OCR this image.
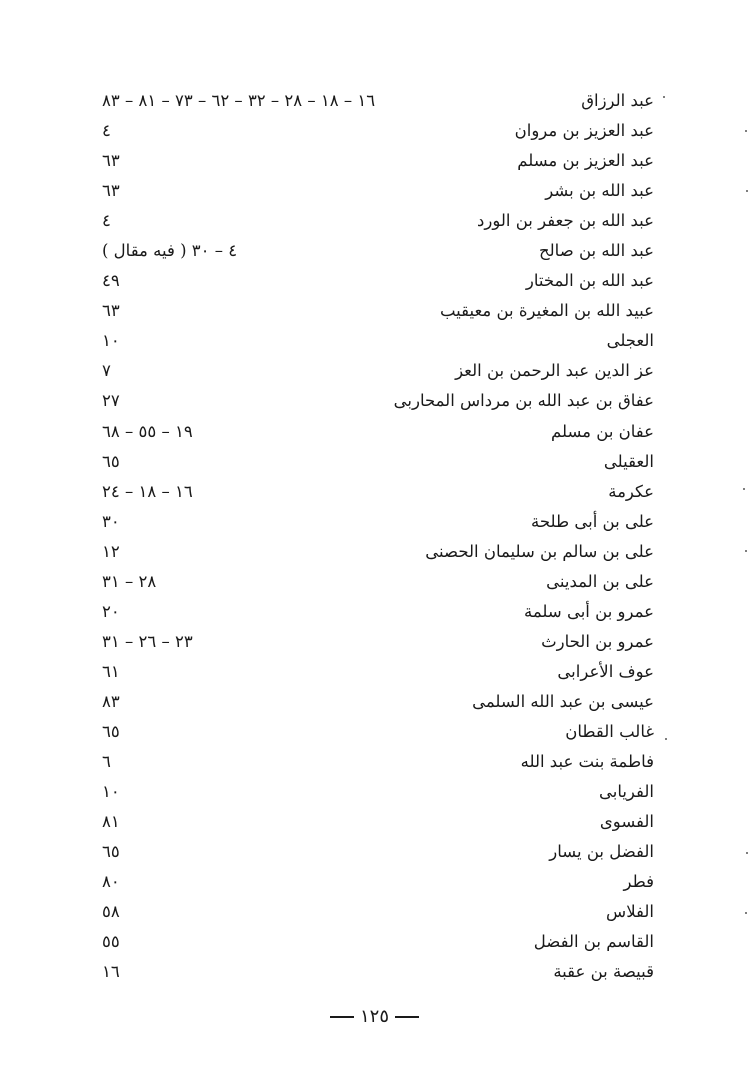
عبد الرزاق
١٦ – ١٨ – ٢٨ – ٣٢ – ٦٢ – ٧٣ – ٨١ – ٨٣
عبد العزيز بن مروان
٤
عبد العزيز بن مسلم
٦٣
عبد الله بن بشر
٦٣
عبد الله بن جعفر بن الورد
٤
عبد الله بن صالح
٤ – ٣٠ ( فيه مقال )
عبد الله بن المختار
٤٩
عبيد الله بن المغيرة بن معيقيب
٦٣
العجلى
١٠
عز الدين عبد الرحمن بن العز
٧
عفاق بن عبد الله بن مرداس المحاربى
٢٧
عفان بن مسلم
١٩ – ٥٥ – ٦٨
العقيلى
٦٥
عكرمة
١٦ – ١٨ – ٢٤
على بن أبى طلحة
٣٠
على بن سالم بن سليمان الحصنى
١٢
على بن المدينى
٢٨ – ٣١
عمرو بن أبى سلمة
٢٠
عمرو بن الحارث
٢٣ – ٢٦ – ٣١
عوف الأعرابى
٦١
عيسى بن عبد الله السلمى
٨٣
غالب القطان
٦٥
فاطمة بنت عبد الله
٦
الفريابى
١٠
الفسوى
٨١
الفضل بن يسار
٦٥
فطر
٨٠
الفلاس
٥٨
القاسم بن الفضل
٥٥
قبيصة بن عقبة
١٦
١٢٥
